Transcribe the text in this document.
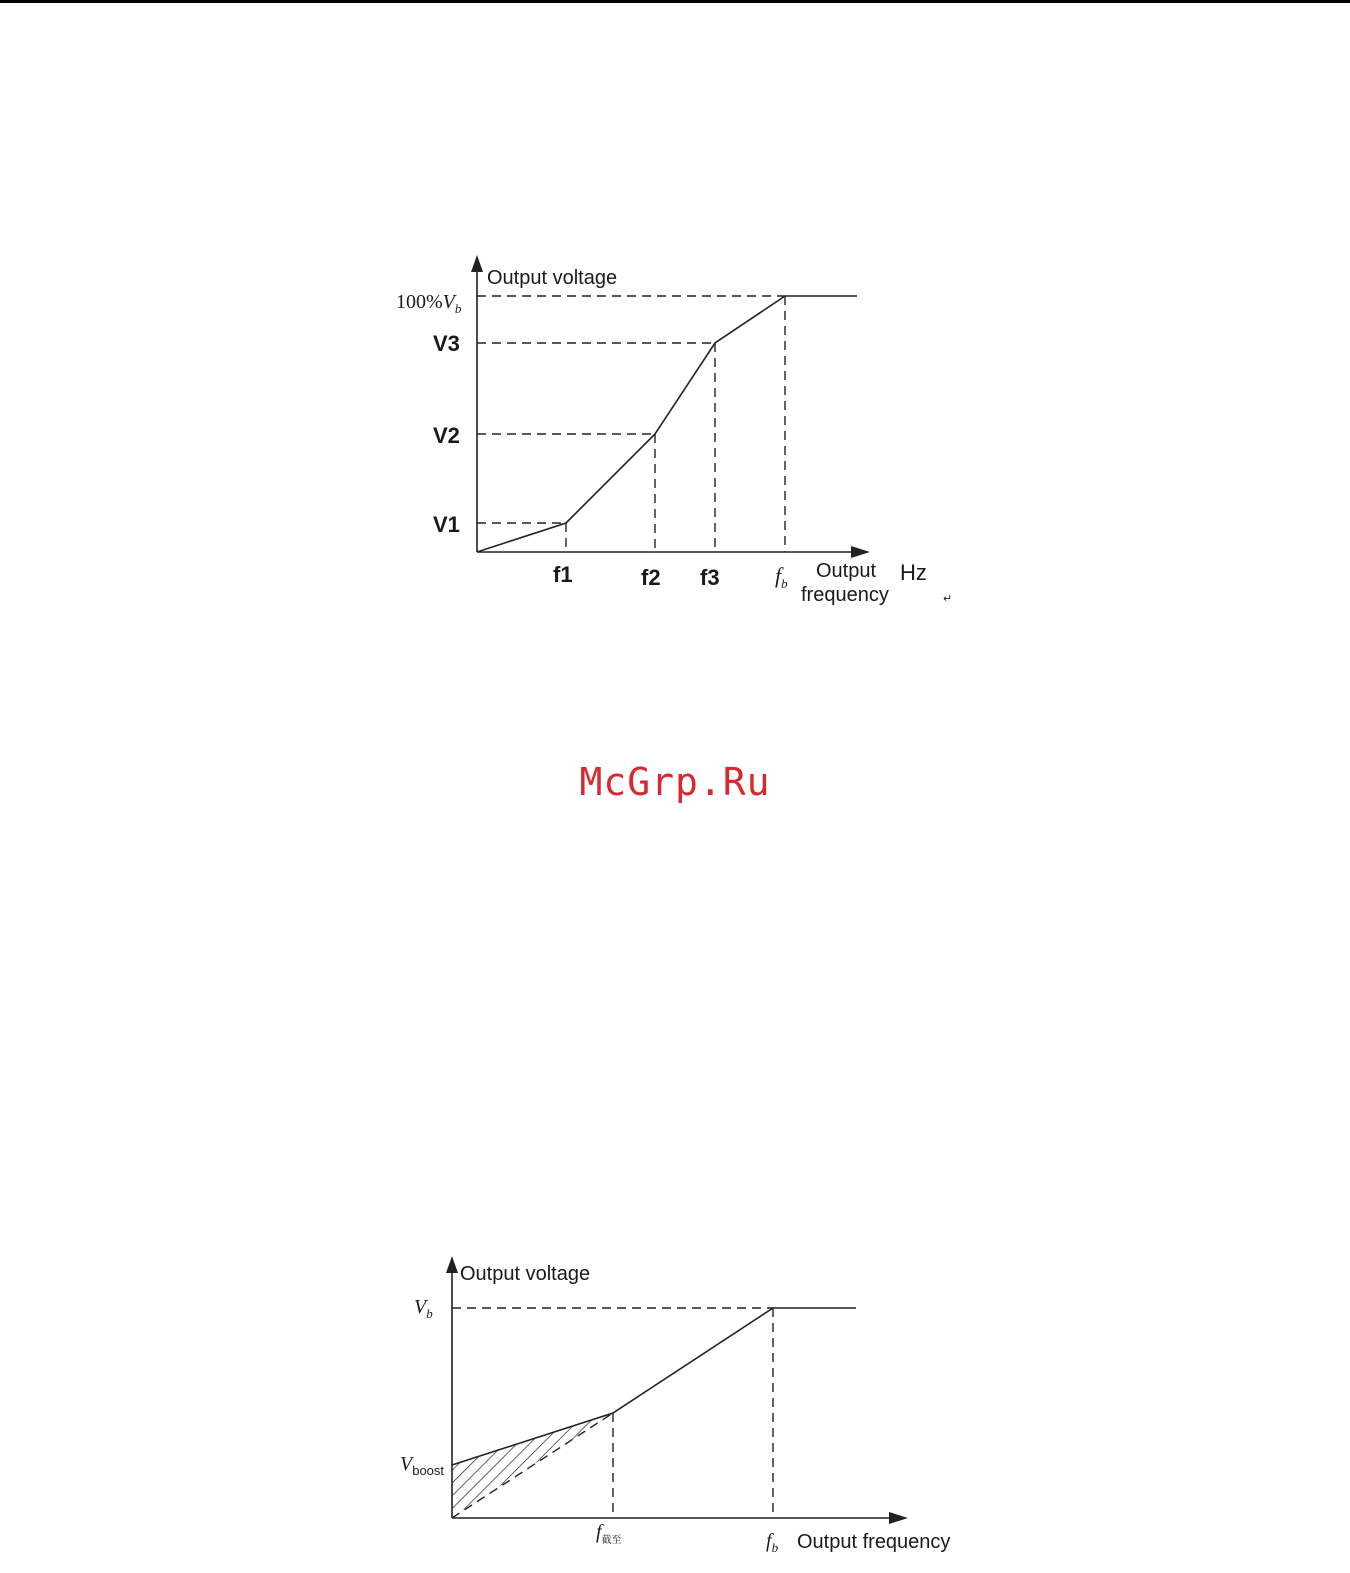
Output voltage
$100\%V_b$
V3
V2
V1
f1	f2 f3	$f_b$
Output
frequency
Hz
↵
Output voltage
$V_b$
$V_{boost}$
$f_{截至}$	$f_b$ Output frequency
McGrp.Ru
